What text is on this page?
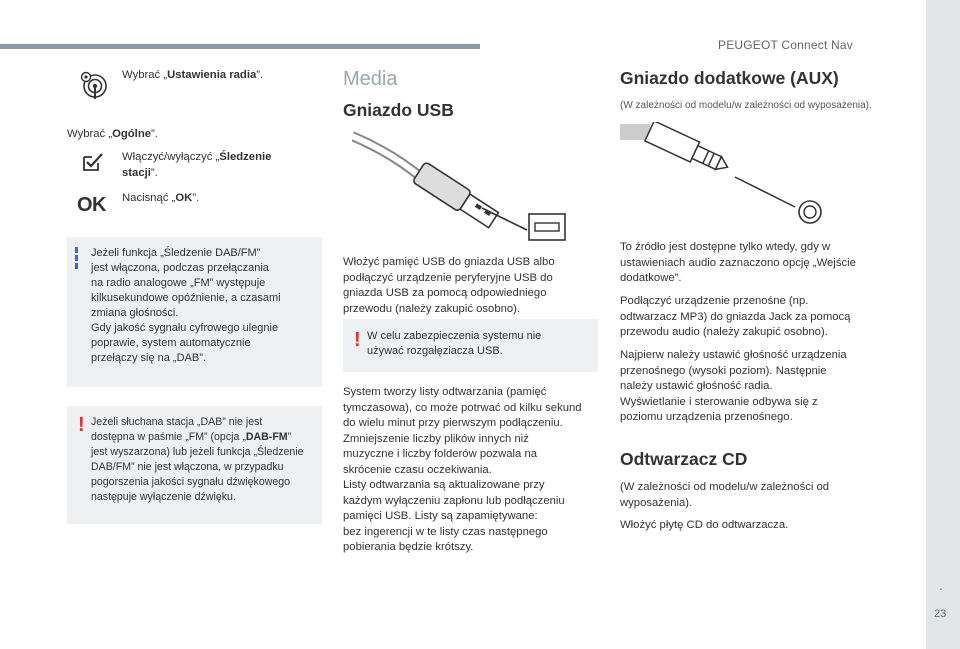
PEUGEOT Connect Nav
.
23
Wybrać „Ustawienia radia”.
Wybrać „Ogólne”.
Włączyć/wyłączyć „Śledzenie stacji”.
OK Nacisnąć „OK”.

Jeżeli funkcja „Śledzenie DAB/FM”

jest włączona, podczas przełączania

na radio analogowe „FM” występuje

kilkusekundowe opóźnienie, a czasami

zmiana głośności.

Gdy jakość sygnału cyfrowego ulegnie

poprawie, system automatycznie

przełączy się na „DAB”.

! Jeżeli słuchana stacja „DAB” nie jest

dostępna w paśmie „FM” (opcja „DAB-FM”

jest wyszarzona) lub jeżeli funkcja „Śledzenie

DAB/FM” nie jest włączona, w przypadku

pogorszenia jakości sygnału dźwiękowego

następuje wyłączenie dźwięku.

Media
Gniazdo USB

Włożyć pamięć USB do gniazda USB albo

podłączyć urządzenie peryferyjne USB do

gniazda USB za pomocą odpowiedniego

przewodu (należy zakupić osobno).

! W celu zabezpieczenia systemu nie

używać rozgałęziacza USB.

System tworzy listy odtwarzania (pamięć

tymczasowa), co może potrwać od kilku sekund

do wielu minut przy pierwszym podłączeniu.

Zmniejszenie liczby plików innych niż

muzyczne i liczby folderów pozwala na

skrócenie czasu oczekiwania.

Listy odtwarzania są aktualizowane przy

każdym wyłączeniu zapłonu lub podłączeniu

pamięci USB. Listy są zapamiętywane:

bez ingerencji w te listy czas następnego

pobierania będzie krótszy.

Gniazdo dodatkowe (AUX)
(W zależności od modelu/w zależności od wyposażenia).

To źródło jest dostępne tylko wtedy, gdy w

ustawieniach audio zaznaczono opcję „Wejście

dodatkowe”.

Podłączyć urządzenie przenośne (np.

odtwarzacz MP3) do gniazda Jack za pomocą

przewodu audio (należy zakupić osobno).

Najpierw należy ustawić głośność urządzenia

przenośnego (wysoki poziom). Następnie

należy ustawić głośność radia.

Wyświetlanie i sterowanie odbywa się z

poziomu urządzenia przenośnego.

Odtwarzacz CD

(W zależności od modelu/w zależności od

wyposażenia).

Włożyć płytę CD do odtwarzacza.
